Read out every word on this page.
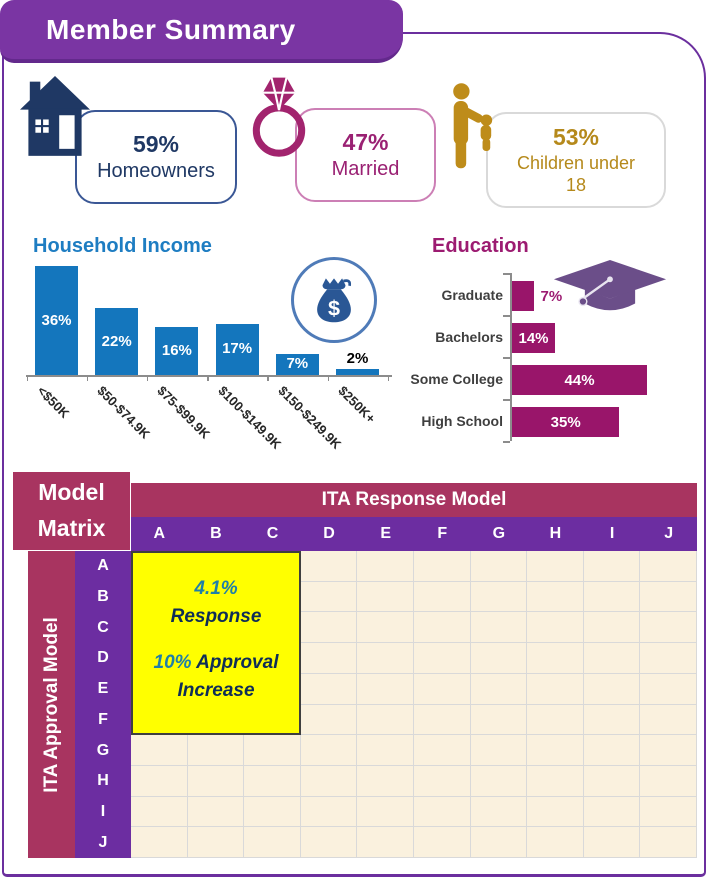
Member Summary
59%
Homeowners
47%
Married
53%
Children under 18
Household Income
36%
<$50K
22%
$50-$74.9K
16%
$75-$99.9K
17%
$100-$149.9K
7%
$150-$249.9K
2%
$250K+
$
Education
Graduate	7%
Bachelors	14%
Some College	44%
High School	35%
Model Matrix
ITA Response Model
A	B	C	D	E	F	G	H	I	J
ITA Approval Model
A
B
C
D
E
F
G
H
I
J
4.1%
Response
10% Approval
Increase
